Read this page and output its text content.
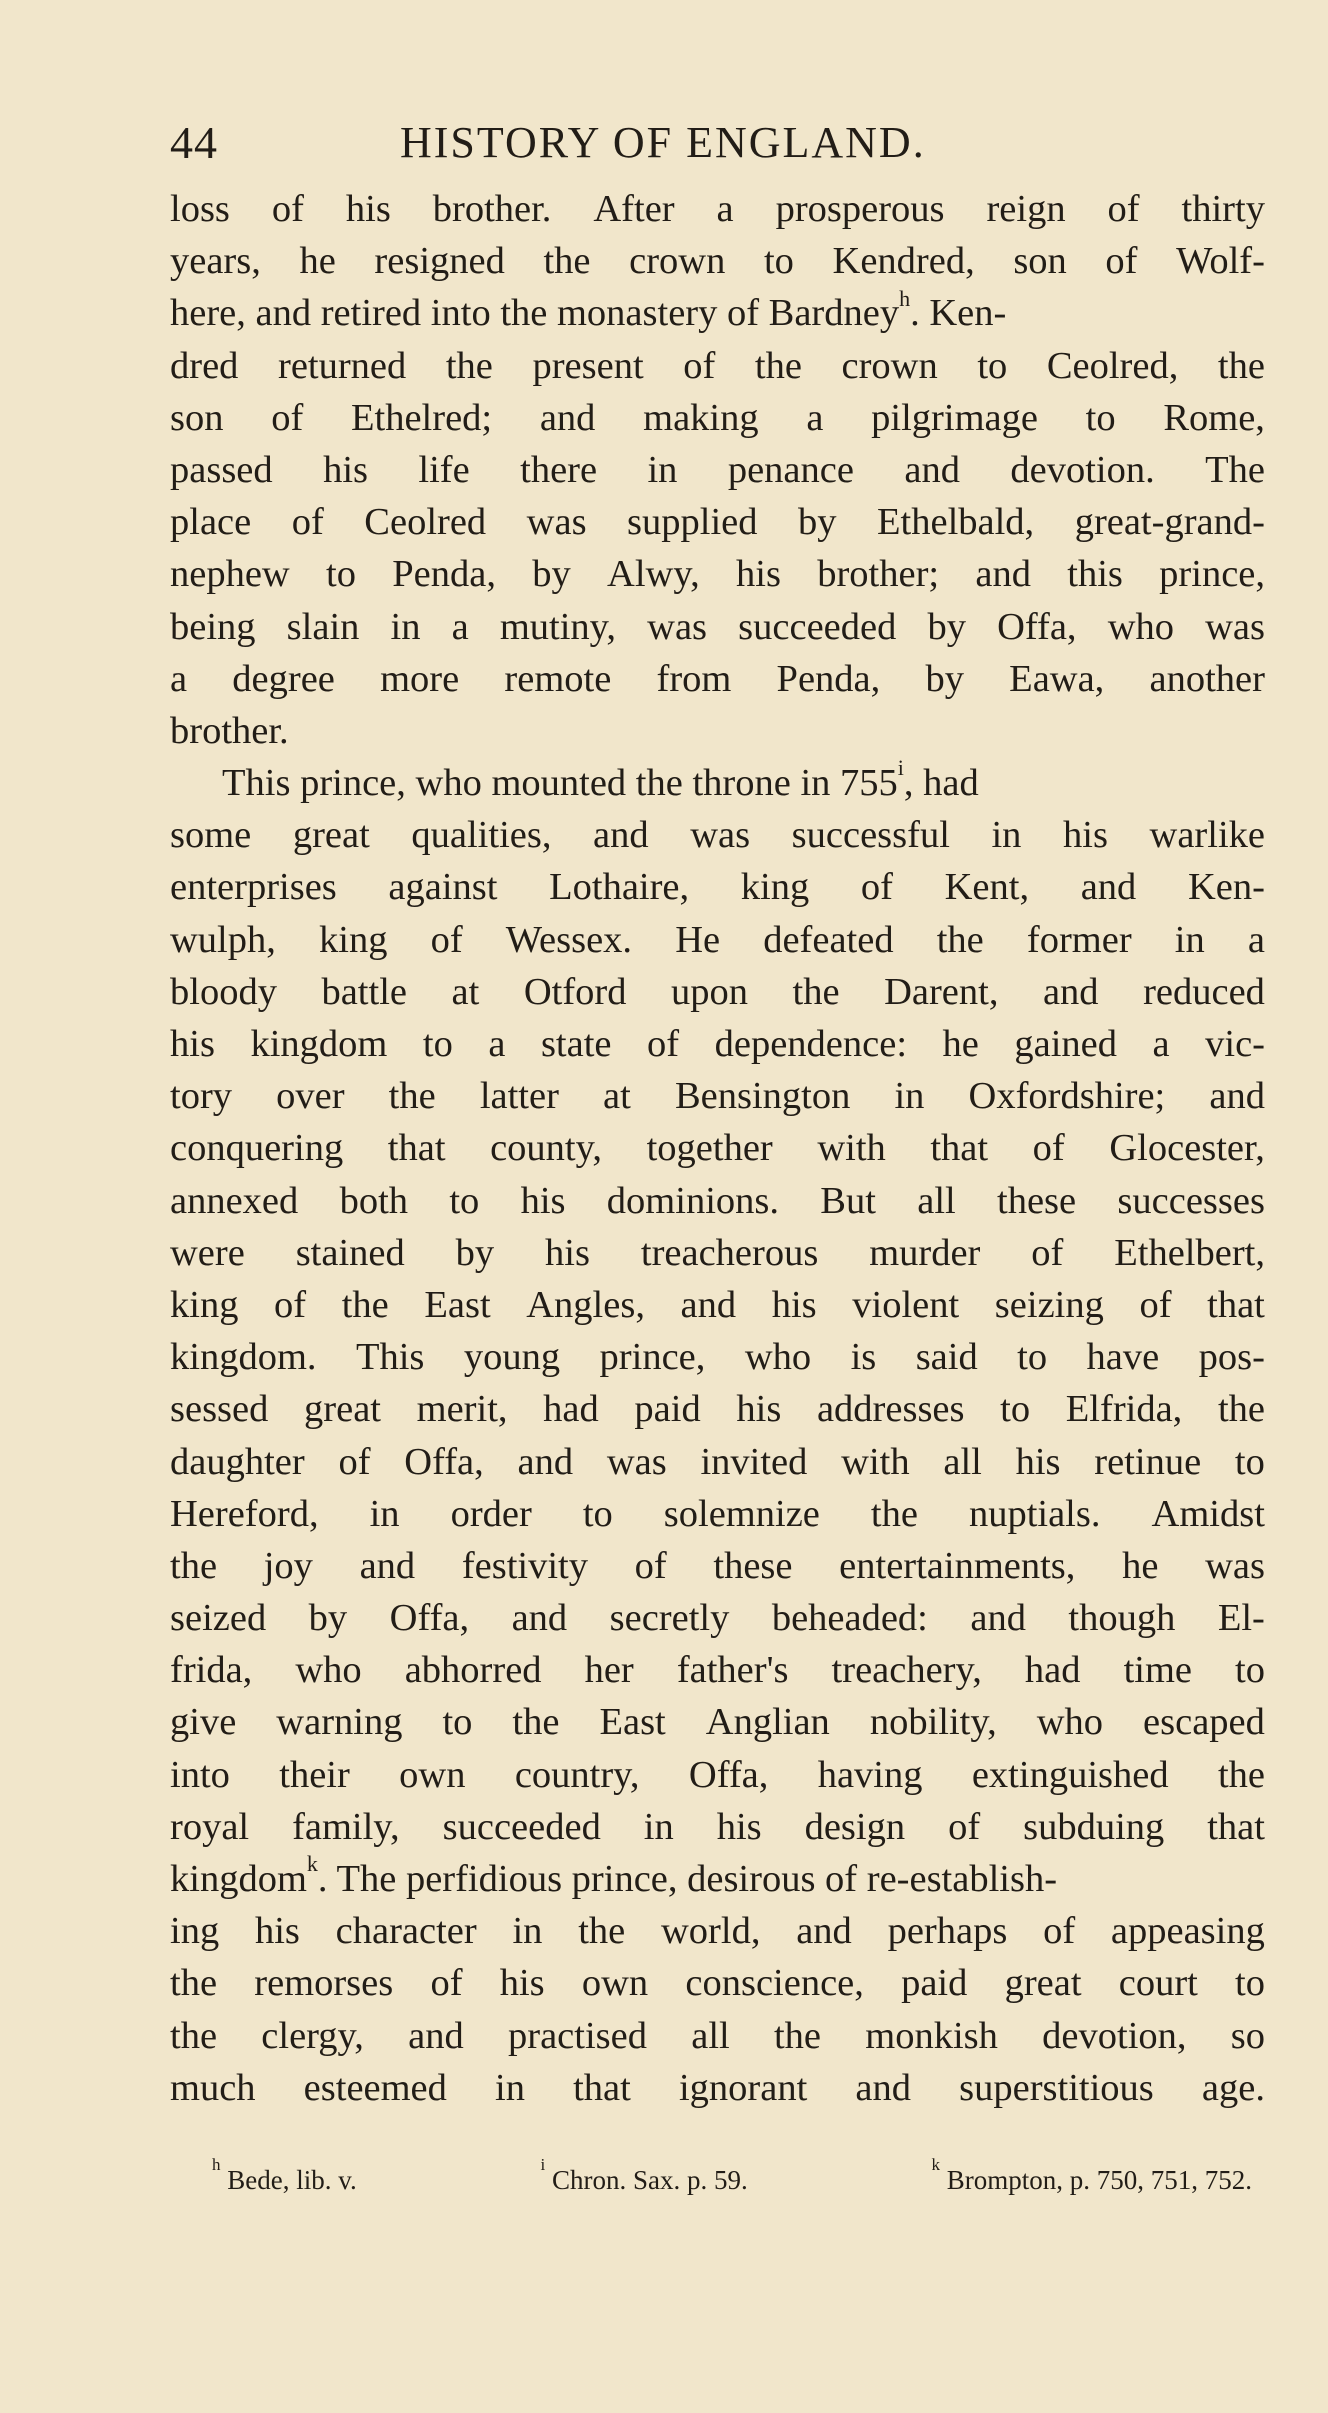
44	HISTORY OF ENGLAND.
loss of his brother. After a prosperous reign of thirty
years, he resigned the crown to Kendred, son of Wolf-
here, and retired into the monastery of Bardney$^h$. Ken-
dred returned the present of the crown to Ceolred, the
son of Ethelred; and making a pilgrimage to Rome,
passed his life there in penance and devotion. The
place of Ceolred was supplied by Ethelbald, great-grand-
nephew to Penda, by Alwy, his brother; and this prince,
being slain in a mutiny, was succeeded by Offa, who was
a degree more remote from Penda, by Eawa, another
brother.
This prince, who mounted the throne in 755$^i$, had
some great qualities, and was successful in his warlike
enterprises against Lothaire, king of Kent, and Ken-
wulph, king of Wessex. He defeated the former in a
bloody battle at Otford upon the Darent, and reduced
his kingdom to a state of dependence: he gained a vic-
tory over the latter at Bensington in Oxfordshire; and
conquering that county, together with that of Glocester,
annexed both to his dominions. But all these successes
were stained by his treacherous murder of Ethelbert,
king of the East Angles, and his violent seizing of that
kingdom. This young prince, who is said to have pos-
sessed great merit, had paid his addresses to Elfrida, the
daughter of Offa, and was invited with all his retinue to
Hereford, in order to solemnize the nuptials. Amidst
the joy and festivity of these entertainments, he was
seized by Offa, and secretly beheaded: and though El-
frida, who abhorred her father's treachery, had time to
give warning to the East Anglian nobility, who escaped
into their own country, Offa, having extinguished the
royal family, succeeded in his design of subduing that
kingdom$^k$. The perfidious prince, desirous of re-establish-
ing his character in the world, and perhaps of appeasing
the remorses of his own conscience, paid great court to
the clergy, and practised all the monkish devotion, so
much esteemed in that ignorant and superstitious age.
$^h$ Bede, lib. v.
$^i$ Chron. Sax. p. 59.
$^k$ Brompton, p. 750, 751, 752.
